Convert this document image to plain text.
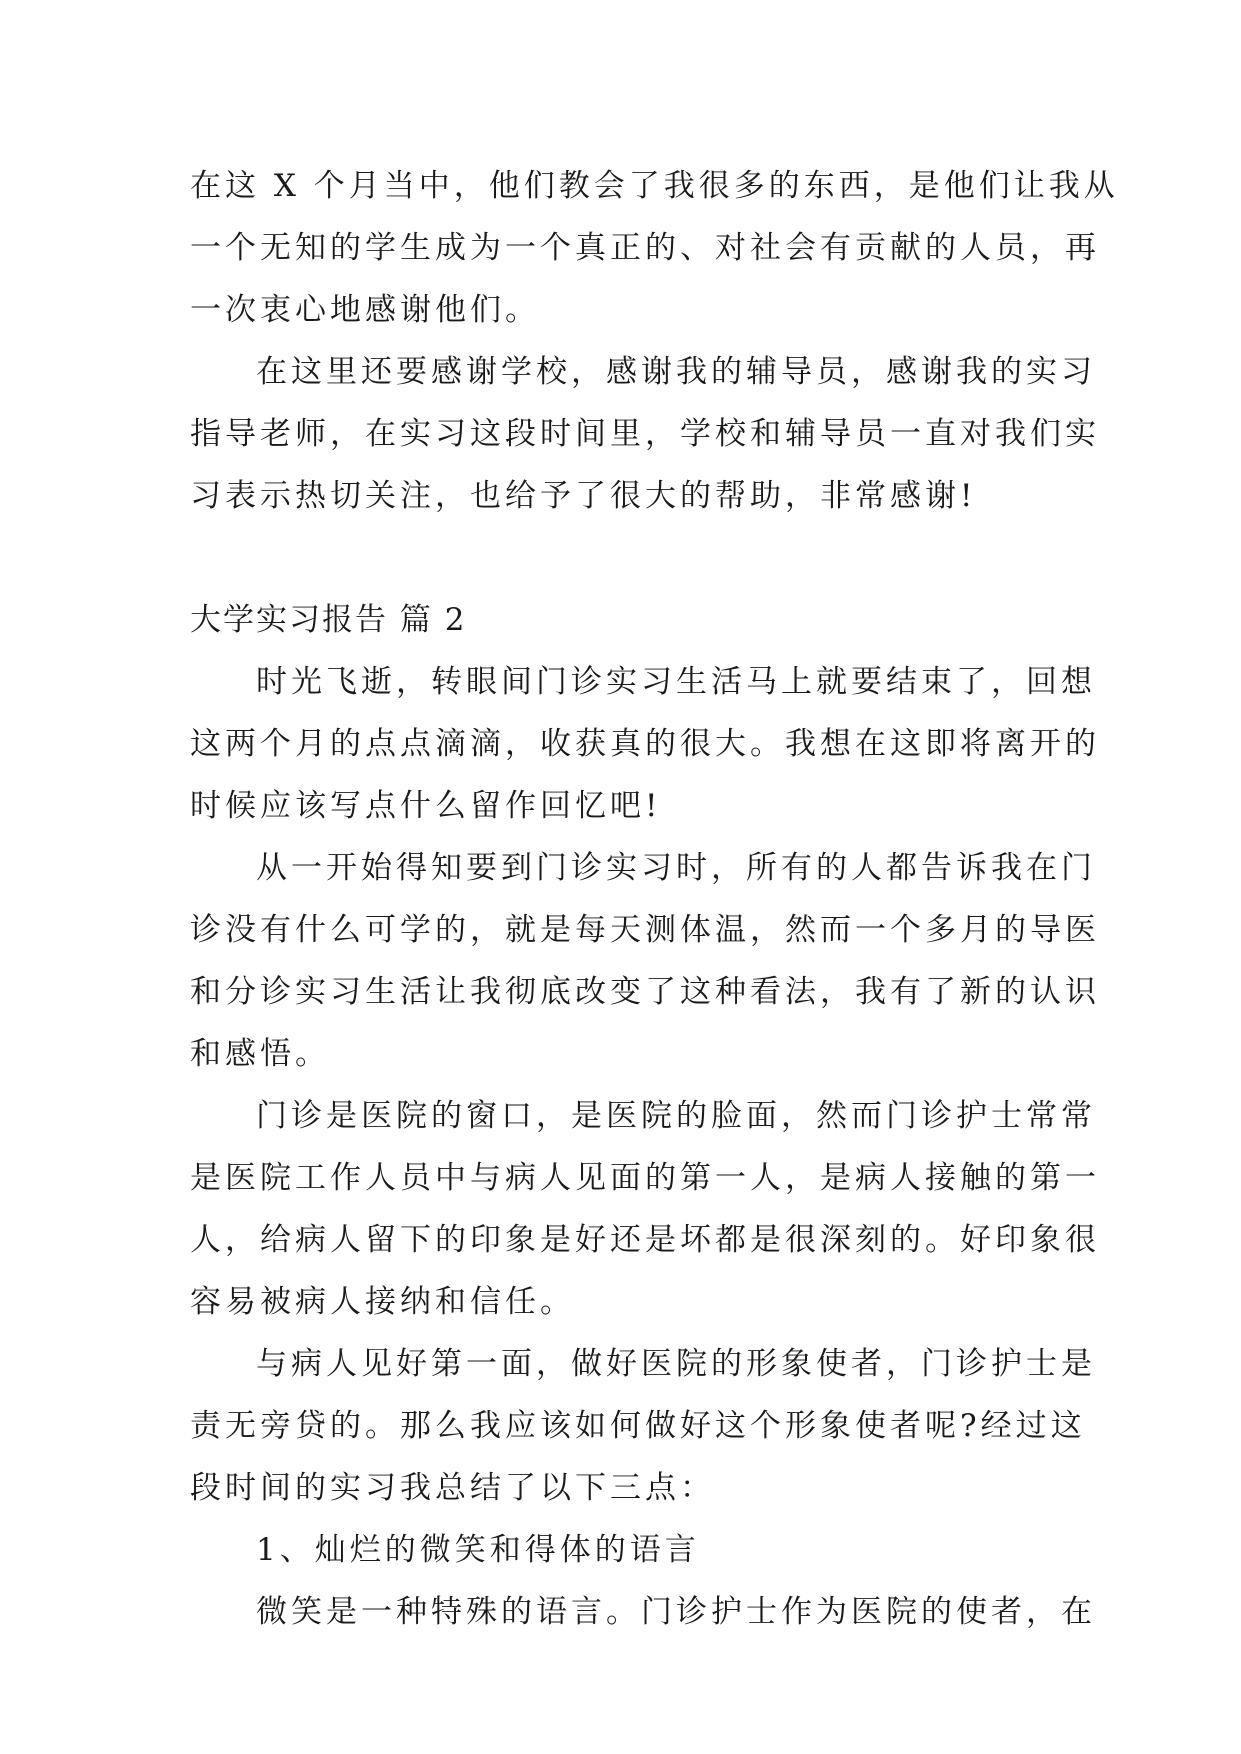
在这 X 个月当中，他们教会了我很多的东西，是他们让我从
一个无知的学生成为一个真正的、对社会有贡献的人员，再
一次衷心地感谢他们。
在这里还要感谢学校，感谢我的辅导员，感谢我的实习
指导老师，在实习这段时间里，学校和辅导员一直对我们实
习表示热切关注，也给予了很大的帮助，非常感谢!
大学实习报告 篇 2
时光飞逝，转眼间门诊实习生活马上就要结束了，回想
这两个月的点点滴滴，收获真的很大。我想在这即将离开的
时候应该写点什么留作回忆吧!
从一开始得知要到门诊实习时，所有的人都告诉我在门
诊没有什么可学的，就是每天测体温，然而一个多月的导医
和分诊实习生活让我彻底改变了这种看法，我有了新的认识
和感悟。
门诊是医院的窗口，是医院的脸面，然而门诊护士常常
是医院工作人员中与病人见面的第一人，是病人接触的第一
人，给病人留下的印象是好还是坏都是很深刻的。好印象很
容易被病人接纳和信任。
与病人见好第一面，做好医院的形象使者，门诊护士是
责无旁贷的。那么我应该如何做好这个形象使者呢?经过这
段时间的实习我总结了以下三点：
1、灿烂的微笑和得体的语言
微笑是一种特殊的语言。门诊护士作为医院的使者，在
